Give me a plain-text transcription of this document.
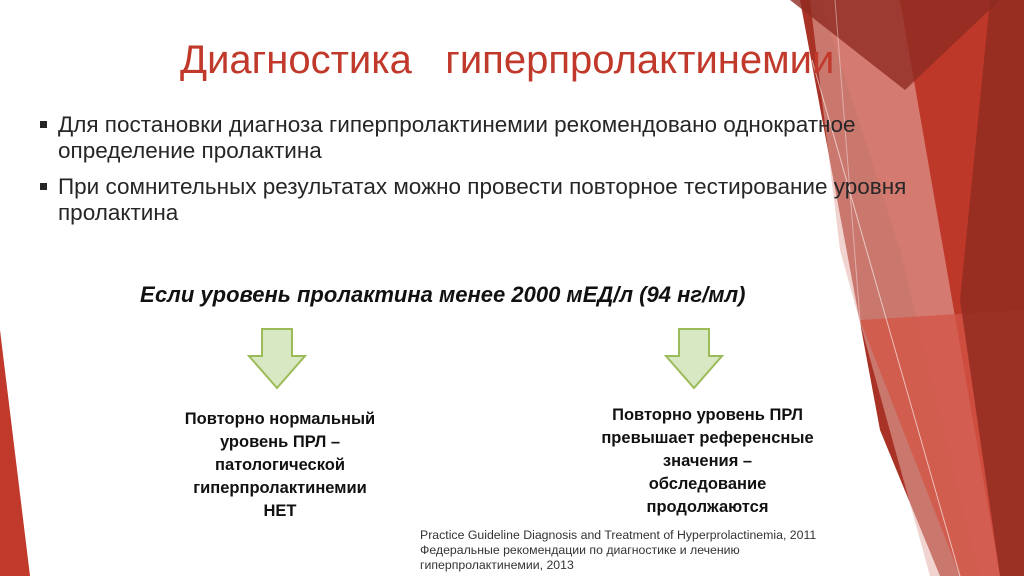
Диагностика   гиперпролактинемии
Для постановки диагноза гиперпролактинемии рекомендовано однократное определение пролактина
При сомнительных результатах можно провести повторное тестирование уровня пролактина
Если уровень пролактина менее 2000 мЕД/л (94 нг/мл)
Повторно нормальный
уровень ПРЛ –
патологической
гиперпролактинемии
НЕТ
Повторно уровень ПРЛ
превышает референсные
значения –
обследование
продолжаются
Practice Guideline Diagnosis and Treatment of Hyperprolactinemia, 2011
Федеральные рекомендации по диагностике и лечению
гиперпролактинемии, 2013
